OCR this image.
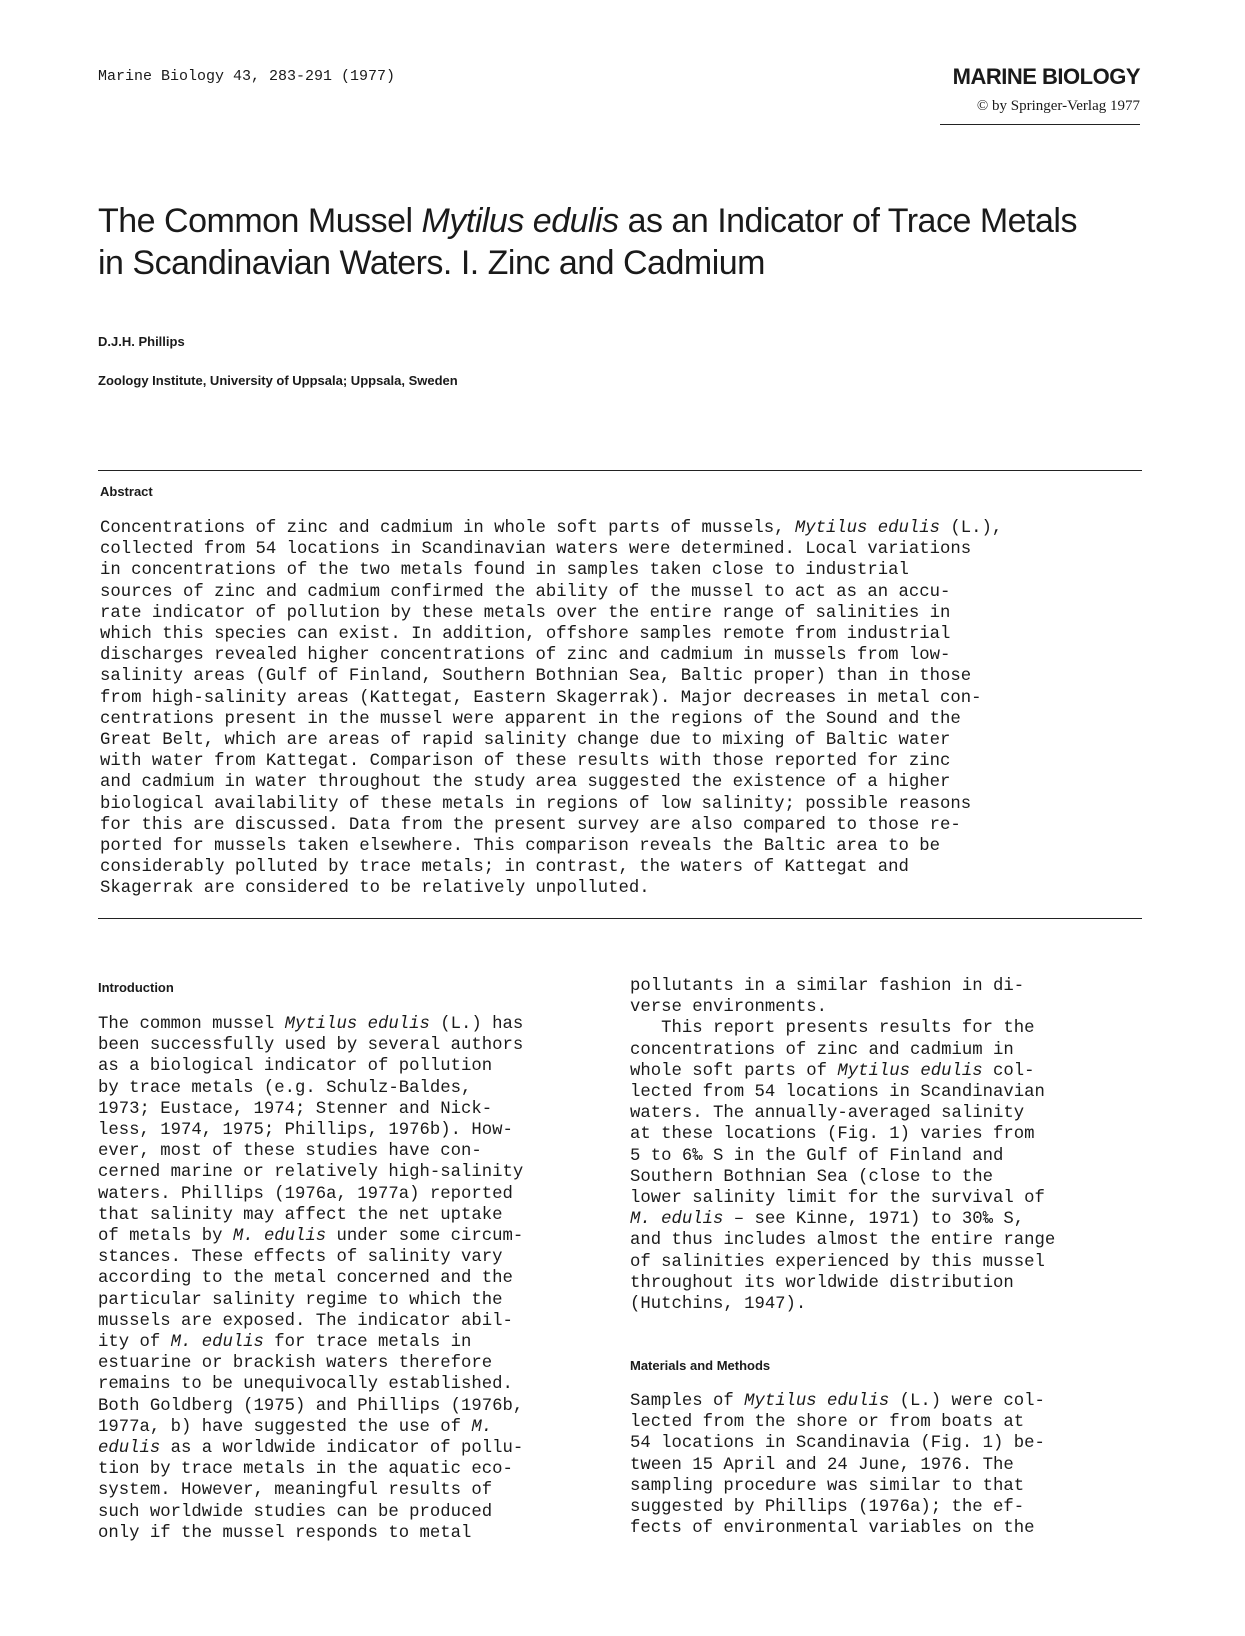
Marine Biology 43, 283-291 (1977)	MARINE BIOLOGY
© by Springer-Verlag 1977
The Common Mussel Mytilus edulis as an Indicator of Trace Metals
in Scandinavian Waters. I. Zinc and Cadmium
D.J.H. Phillips
Zoology Institute, University of Uppsala; Uppsala, Sweden
Abstract
Concentrations of zinc and cadmium in whole soft parts of mussels, Mytilus edulis (L.),
collected from 54 locations in Scandinavian waters were determined. Local variations
in concentrations of the two metals found in samples taken close to industrial
sources of zinc and cadmium confirmed the ability of the mussel to act as an accu-
rate indicator of pollution by these metals over the entire range of salinities in
which this species can exist. In addition, offshore samples remote from industrial
discharges revealed higher concentrations of zinc and cadmium in mussels from low-
salinity areas (Gulf of Finland, Southern Bothnian Sea, Baltic proper) than in those
from high-salinity areas (Kattegat, Eastern Skagerrak). Major decreases in metal con-
centrations present in the mussel were apparent in the regions of the Sound and the
Great Belt, which are areas of rapid salinity change due to mixing of Baltic water
with water from Kattegat. Comparison of these results with those reported for zinc
and cadmium in water throughout the study area suggested the existence of a higher
biological availability of these metals in regions of low salinity; possible reasons
for this are discussed. Data from the present survey are also compared to those re-
ported for mussels taken elsewhere. This comparison reveals the Baltic area to be
considerably polluted by trace metals; in contrast, the waters of Kattegat and
Skagerrak are considered to be relatively unpolluted.
Introduction
The common mussel Mytilus edulis (L.) has
been successfully used by several authors
as a biological indicator of pollution
by trace metals (e.g. Schulz-Baldes,
1973; Eustace, 1974; Stenner and Nick-
less, 1974, 1975; Phillips, 1976b). How-
ever, most of these studies have con-
cerned marine or relatively high-salinity
waters. Phillips (1976a, 1977a) reported
that salinity may affect the net uptake
of metals by M. edulis under some circum-
stances. These effects of salinity vary
according to the metal concerned and the
particular salinity regime to which the
mussels are exposed. The indicator abil-
ity of M. edulis for trace metals in
estuarine or brackish waters therefore
remains to be unequivocally established.
Both Goldberg (1975) and Phillips (1976b,
1977a, b) have suggested the use of M.
edulis as a worldwide indicator of pollu-
tion by trace metals in the aquatic eco-
system. However, meaningful results of
such worldwide studies can be produced
only if the mussel responds to metal
pollutants in a similar fashion in di-
verse environments.
This report presents results for the
concentrations of zinc and cadmium in
whole soft parts of Mytilus edulis col-
lected from 54 locations in Scandinavian
waters. The annually-averaged salinity
at these locations (Fig. 1) varies from
5 to 6‰ S in the Gulf of Finland and
Southern Bothnian Sea (close to the
lower salinity limit for the survival of
M. edulis – see Kinne, 1971) to 30‰ S,
and thus includes almost the entire range
of salinities experienced by this mussel
throughout its worldwide distribution
(Hutchins, 1947).
Materials and Methods
Samples of Mytilus edulis (L.) were col-
lected from the shore or from boats at
54 locations in Scandinavia (Fig. 1) be-
tween 15 April and 24 June, 1976. The
sampling procedure was similar to that
suggested by Phillips (1976a); the ef-
fects of environmental variables on the
